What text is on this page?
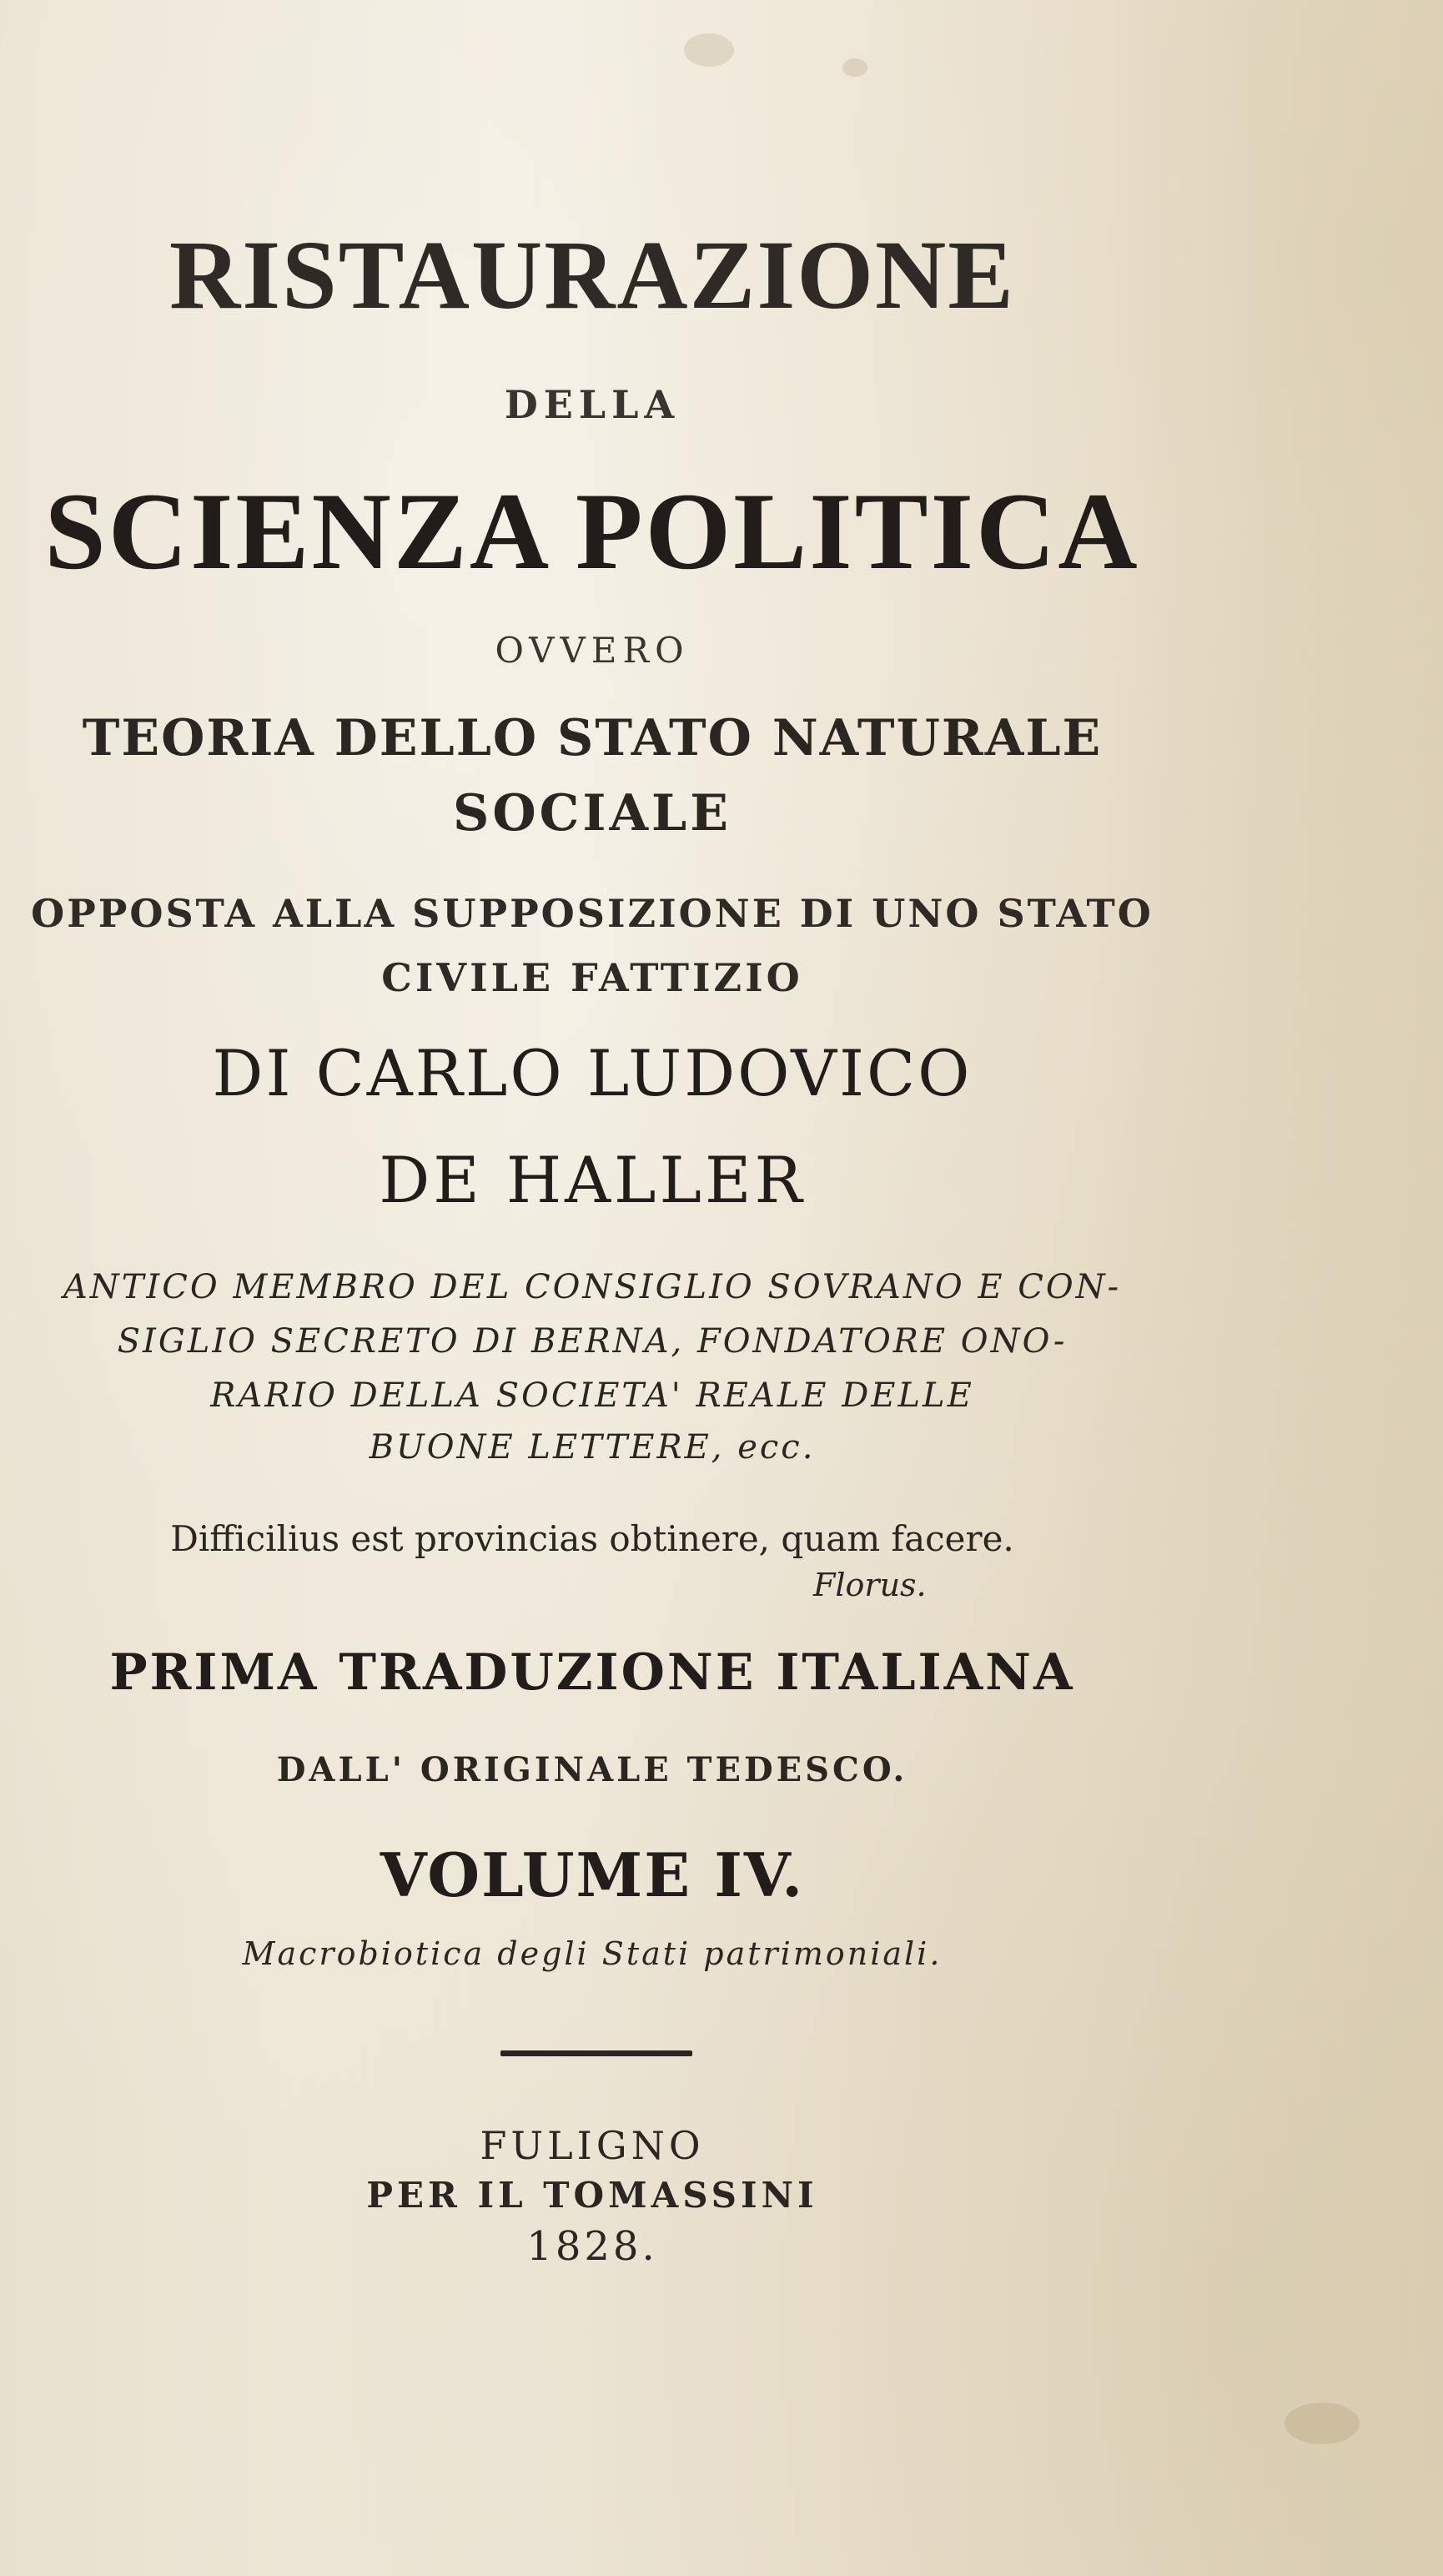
RISTAURAZIONE

DELLA

SCIENZA POLITICA

OVVERO

TEORIA DELLO STATO NATURALE

SOCIALE

OPPOSTA ALLA SUPPOSIZIONE DI UNO STATO

CIVILE FATTIZIO

DI CARLO LUDOVICO

DE HALLER

ANTICO MEMBRO DEL CONSIGLIO SOVRANO E CON-

SIGLIO SECRETO DI BERNA, FONDATORE ONO-

RARIO DELLA SOCIETA' REALE DELLE

BUONE LETTERE, ecc.

Difficilius est provincias obtinere, quam facere.

Florus.

PRIMA TRADUZIONE ITALIANA

DALL' ORIGINALE TEDESCO.

VOLUME IV.

Macrobiotica degli Stati patrimoniali.

FULIGNO

PER IL TOMASSINI

1828.
